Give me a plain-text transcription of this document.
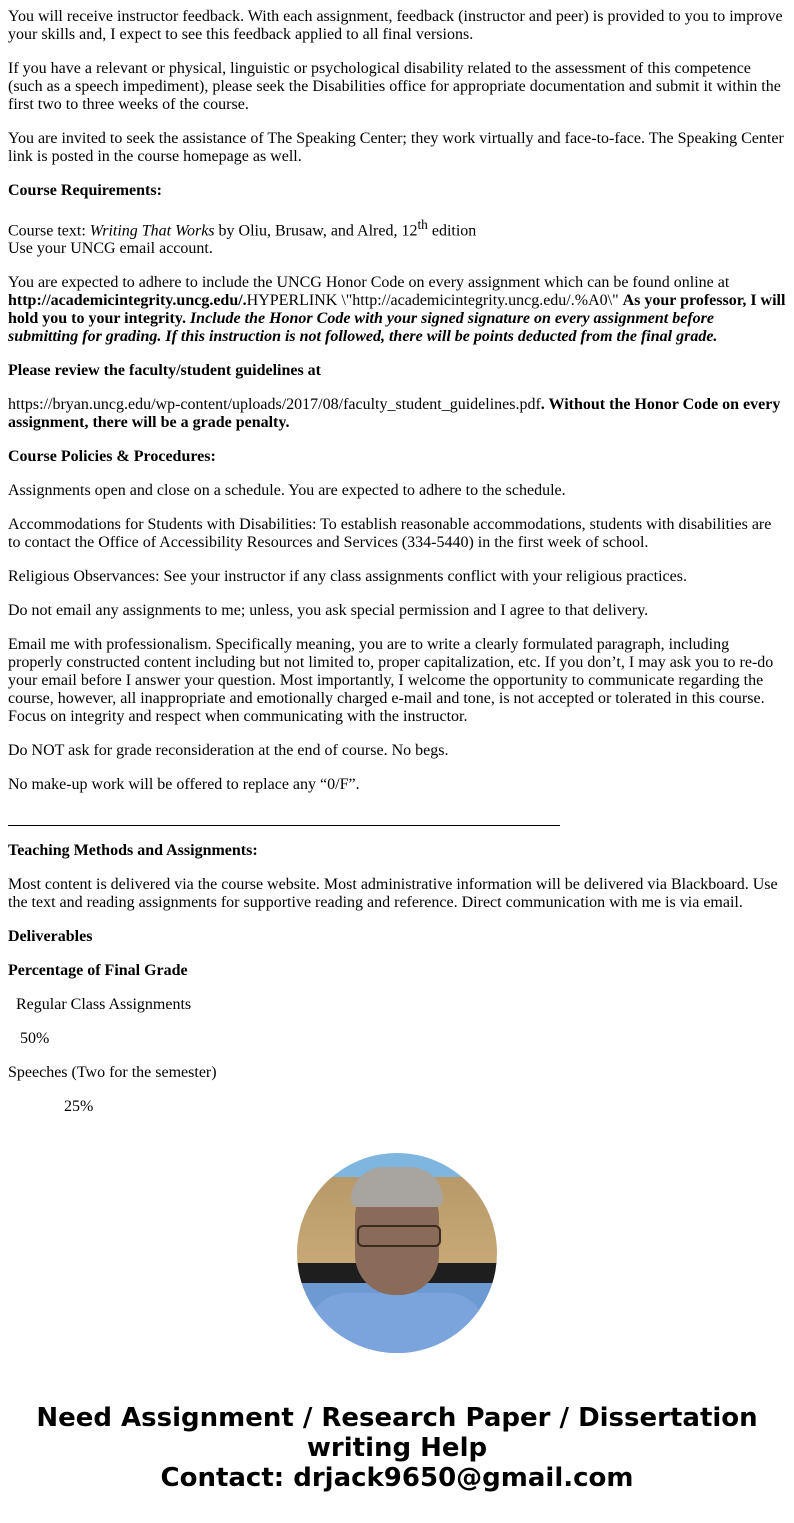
You will receive instructor feedback. With each assignment, feedback (instructor and peer) is provided to you to improve your skills and, I expect to see this feedback applied to all final versions.

If you have a relevant or physical, linguistic or psychological disability related to the assessment of this competence (such as a speech impediment), please seek the Disabilities office for appropriate documentation and submit it within the first two to three weeks of the course.

You are invited to seek the assistance of The Speaking Center; they work virtually and face-to-face. The Speaking Center link is posted in the course homepage as well.

Course Requirements:

Course text: Writing That Works by Oliu, Brusaw, and Alred, 12th edition
Use your UNCG email account.

You are expected to adhere to include the UNCG Honor Code on every assignment which can be found online at http://academicintegrity.uncg.edu/.HYPERLINK \"http://academicintegrity.uncg.edu/.%A0\" As your professor, I will hold you to your integrity. Include the Honor Code with your signed signature on every assignment before submitting for grading. If this instruction is not followed, there will be points deducted from the final grade.

Please review the faculty/student guidelines at

https://bryan.uncg.edu/wp-content/uploads/2017/08/faculty_student_guidelines.pdf. Without the Honor Code on every assignment, there will be a grade penalty.

Course Policies & Procedures:

Assignments open and close on a schedule. You are expected to adhere to the schedule.

Accommodations for Students with Disabilities: To establish reasonable accommodations, students with disabilities are to contact the Office of Accessibility Resources and Services (334-5440) in the first week of school.

Religious Observances: See your instructor if any class assignments conflict with your religious practices.

Do not email any assignments to me; unless, you ask special permission and I agree to that delivery.

Email me with professionalism. Specifically meaning, you are to write a clearly formulated paragraph, including properly constructed content including but not limited to, proper capitalization, etc. If you don’t, I may ask you to re-do your email before I answer your question. Most importantly, I welcome the opportunity to communicate regarding the course, however, all inappropriate and emotionally charged e-mail and tone, is not accepted or tolerated in this course. Focus on integrity and respect when communicating with the instructor.

Do NOT ask for grade reconsideration at the end of course. No begs.

No make-up work will be offered to replace any “0/F”.

Teaching Methods and Assignments:

Most content is delivered via the course website. Most administrative information will be delivered via Blackboard. Use the text and reading assignments for supportive reading and reference. Direct communication with me is via email.

Deliverables

Percentage of Final Grade

Regular Class Assignments

50%

Speeches (Two for the semester)

25%

Need Assignment / Research Paper / Dissertation writing Help
Contact: drjack9650@gmail.com
